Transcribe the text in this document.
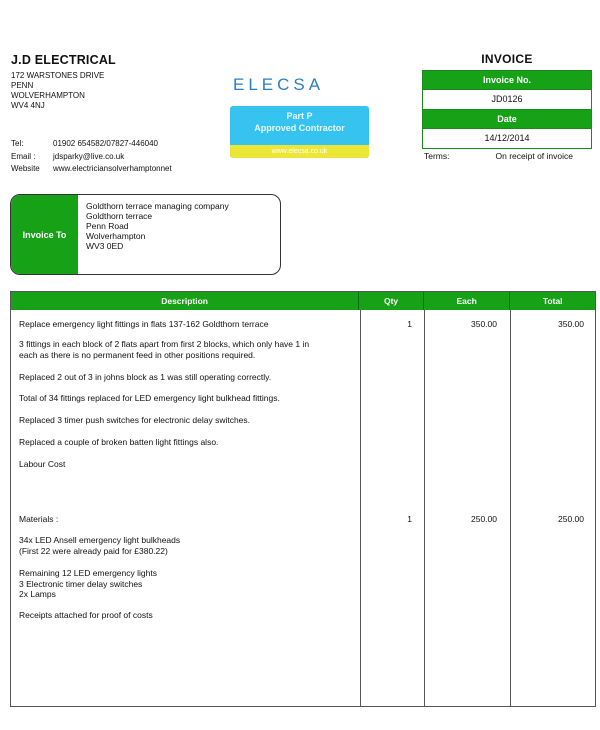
J.D ELECTRICAL
172 WARSTONES DRIVE
PENN
WOLVERHAMPTON
WV4 4NJ
Tel:	01902 654582/07827-446040
Email :	jdsparky@live.co.uk
Website	www.electriciansolverhamptonnet
ELECSA
Part P
Approved Contractor
www.elecsa.co.uk
INVOICE
Invoice No.
JD0126
Date
14/12/2014
Terms:	On receipt of invoice
Invoice To
Goldthorn terrace managing company
Goldthorn terrace
Penn Road
Wolverhampton
WV3 0ED
Description	Qty	Each	Total
Replace emergency light fittings in flats 137-162 Goldthorn terrace
3 fittings in each block of 2 flats apart from first 2 blocks, which only have 1 in
each as there is no permanent feed in other positions required.
Replaced 2 out of 3 in johns block as 1 was still operating correctly.
Total of 34 fittings replaced for LED emergency light bulkhead fittings.
Replaced 3 timer push switches for electronic delay switches.
Replaced a couple of broken batten light fittings also.
Labour Cost
1	350.00	350.00
Materials :
34x LED Ansell emergency light bulkheads
(First 22 were already paid for £380.22)
Remaining 12 LED emergency lights
3 Electronic timer delay switches
2x Lamps
Receipts attached for proof of costs
1	250.00	250.00
